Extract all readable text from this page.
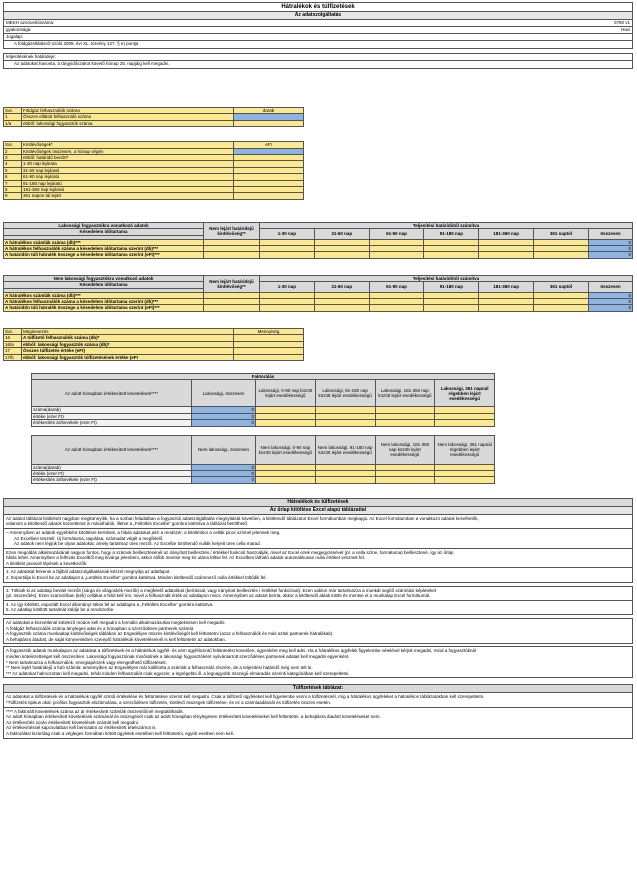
Hátralékok és túlfizetések
Az adatszolgáltatás
MEKH azonosítószáma:	0790 v1
gyakorisága:	Havi
Jogalap:
A földgázellátásról szóló 2008. évi XL. törvény 127. § e) pontja
teljesítésének határideje:
Az adatokat havonta, a tárgyidőszakot követő hónap 25. napjáig kell megadni.
Sor.	Földgáz felhasználók száma	darab
1	Összes ellátott felhasználó száma	
1/a	ebből: lakossági fogyasztók száma	
Sor.	Kintlévőségek*	eFt
2	Kintlévőségek összesen, a hónap végén	
3	ebből: határidő bentírt*	
4	1-30 nap lejárata	
5	31-60 nap lejáratú	
6	61-90 nap lejáratú	
7	91-180 nap lejáratú	
8	181-360 nap lejáratú	
9	361 napon túl lejárt	
Lakossági fogyasztókra vonatkozó adatok	Nem lejárt határidejű kintlévőség**	Teljesítési határidőtől számítva						
Késedelem időtartama		1-30 nap	31-60 nap	61-90 nap	91-180 nap	181-360 nap	361 naptól	összesen

A hátralékos számlák száma (db)***								0
A hátralékos felhasználók száma a késedelem időtartama szerint (db)***								0
A határidőn túli hátralék összege a késedelem időtartama szerint (eFt)***								0
Nem lakossági fogyasztókra vonatkozó adatok	Nem lejárt határidejű kintlévőség**	Teljesítési határidőtől számítva						
Késedelem időtartama		1-30 nap	31-60 nap	61-90 nap	91-180 nap	181-360 nap	361 naptól	összesen

A hátralékos számlák száma (db)***								0
A hátralékos felhasználók száma a késedelem időtartama szerint (db)***								0
A határidőn túli hátralék összege a késedelem időtartama szerint (eFt)***								0
Sor.	Megnevezés	Mennyiség
16	A túlfizető felhasználók száma (db)*	
16/a	ebből: lakossági fogyasztók száma (db)*	
17	Összes túlfizetés értéke (eFt)	
17/b	ebből: lakossági fogyasztók túlfizetésének értéke (eFt	
Faktorálás					
Az adott hónapban értékesített követelések****	Lakossági, összesen	Lakossági, 0-90 nap között lejárt esedékességű	Lakossági, 91-180 nap között lejárt esedékességű	Lakossági, 181-360 nap között lejárt esedékességű	Lakossági, 361 napnál régebben lejárt esedékességű
száma(darab)	0				
értéke (ezer Ft)	0				
értékesítés ár/bevétele (ezer Ft)	0				
Az adott hónapban értékesített követelések****	Nem lakossági, összesen	Nem lakossági, 0-90 nap között lejárt esedékességű	Nem lakossági, 91-180 nap között lejárt esedékességű	Nem lakossági, 181-360 nap között lejárt esedékességű	Nem lakossági, 361 napnál régebben lejárt esedékességű
száma(darab)	0				
értéke (ezer Ft)	0				
értékesítés ár/bevétele (ezer Ft)	0				
Hátralékok és túlfizetések
Az űrlap kitöltése Excel alapú táblázattal
Az adatot táblázat kitöltését nagyban megkönnyítik, ha a sorban feladatban a fogyasztói adatszolgáltatás megnyitását követően, a kitöltendő táblázatot Excel formátumban megkapja. Az Excel formátumban a vonatkozó adatok kezelhetők,
valamint a kitöltendő adatok közvetlenül is másolhatók, illetve a „Feltöltés Excelbe” gombra kattintva a táblázat betölthető.
– Amennyiben az adatok egyébként kitöltésre kerülnek, a hibás adatokat jelzi a rendszer, a kitöltéskor a cellák piros színnel jelennek meg.
Az Excelben teszteli: Új formátuma, tagolása, számadat végét a megfelelő.
Az adatok nem lépjük be olyan adatokat, amely tartalmaz üres mezőt. Az Excelbe töröltendő nullák helyett üres cella marad.
Ezen megoldás alkalmazásánál nagyon fontos, hogy a számok beillesztésénél az irányított beillesztés / értékkel funkciót használják, mivel az Excel ezek megjegyzésével (pl. a cella színe, formátuma) beillesztené, így az űrlap
hibás lehet. Amennyiben a felhívás Excelből meg kívánja jeleníteni, akkor előbb mentse meg és utána töltse fel. Az Excelben látható adatok automatikusan nulla értéket vesznek fel.
A kitöltést javasolt lépések a következők:
1. Az adatokat felvenni a fájlból adatszolgáltatásnak kézzel megnyitja az adatlapot.
2. Exportálja ki Excel be az adatlapot a „Letöltés Excelbe” gombra kattintva. Minden kitöltendő számmező nulla értékkel töltődik fel.
3. Töltsük ki az adatlap bevitel mezőit (sárga és világoskék mezők) a megfelelő adatokkal (beírással, vagy irányított beillesztés / értékkel funkcióval). Ezen sablon már tartalmazza a munkát segítő számítási képleteket
(pl. összesítés). Ezen szamolóban (kék) cellákat a felül kell írni, mivel a felhasznált érték az adatlapon nincs. Amennyiben az adatot beírta, akkor a kitöltendő ablak kitölti és mentse el a munkalap Excel formátumát.
4. Az így kitöltött, exportált Excel állományt töltse fel az adatlapra a „Feltöltés Excelbe” gombra kattintva.
5. Az adatlap kitöltött tartalmát küldje be a rendszerbe.
Az adatokat a közvetlenül kötelező módon kell megadni a formális alkalmazásokat megtekintsen kell megadni.
A földgáz felhasználók száma tényleges adat és a hónapban a szerződéses partnerek számát.
A fogyasztók száma munkaalap kintlévőségek táblában az Engedélyes összes kintlévőségét kell feltüntetni (azaz a felhasználók és más üzleti partnerek hátralékait).
A behajtásra átadott, de saját könyveinkben szereplő hátralékok követeléseinél is kell feltüntetni az adatokban.
A fogyasztók adatok munkalapon az adatokat a túlfizetések és a hátralékok ügyfél- és nem ügyfélszintű feltüntetést követően, ügyenként meg kell adni. Ha a hátralékos ügyfelek figyelembe vételével kérjük megadni, mind a fogyasztóknál
minden kötelezettséget kell összesíteni. Lakossági fogyasztónak minősülnek a lakossági fogyasztóként nyilvántartott szerződéses partnerek adatait kell megadni egyenként.
* Nem tartalmazza a felhasználók, energiapénzek vagy elengedhető tűlfizetéseit.
** Nem lejárt határidejű a futó számla: amennyiben az Engedélyes már kiállította a számlát a felhasználó részére, de a teljesítési határidő még nem telt le.
*** Az adatokat halmozottan kell megadni, tehát minden felhasználót csak egyszer, a legrégebbi ill. a legnagyobb összegű elmaradás szerinti kategóriában kell szerepeltetni.
Túlfizetések táblázat:
Az adatokat a túlfizetések és a hátralékok ügyfél szintű értékelése és feltüntetése szerint kell megadni. Csak a túlfizető ügyfeleket kell figyelembe venni a túlfizetésnél, míg a hátralékos ügyfeleket a hátralékos táblázatokban kell szerepeltetni.
*Túlfizetés tipikus okai: profilos fogyasztók elszámolása, a szerződéses túlfizetés, kintlévő összegek túlfizetése, és ez a számlaadásnál és túlfizetés összes esetén.
**** A faktorált követelések száma az ár értékesített számlák összesítőinél megtalálhatók.
Az adott hónapban értékesített követelések számánál és összegénél csak az adott hónapban ténylegesen értékesített követeléseket kell feltüntetni, a behajtásra átadott követeléseket nem.
Az értékesítés során értékesített követelések számát kell megadni.
Az értékesítéssel kapcsolatban kell bemutatni az értékesített tételszámot is.
A faktorálást kizárólag csak a végleges formában kötött ügyletek esetében kell feltüntetni, egyéb esetben nem kell.
